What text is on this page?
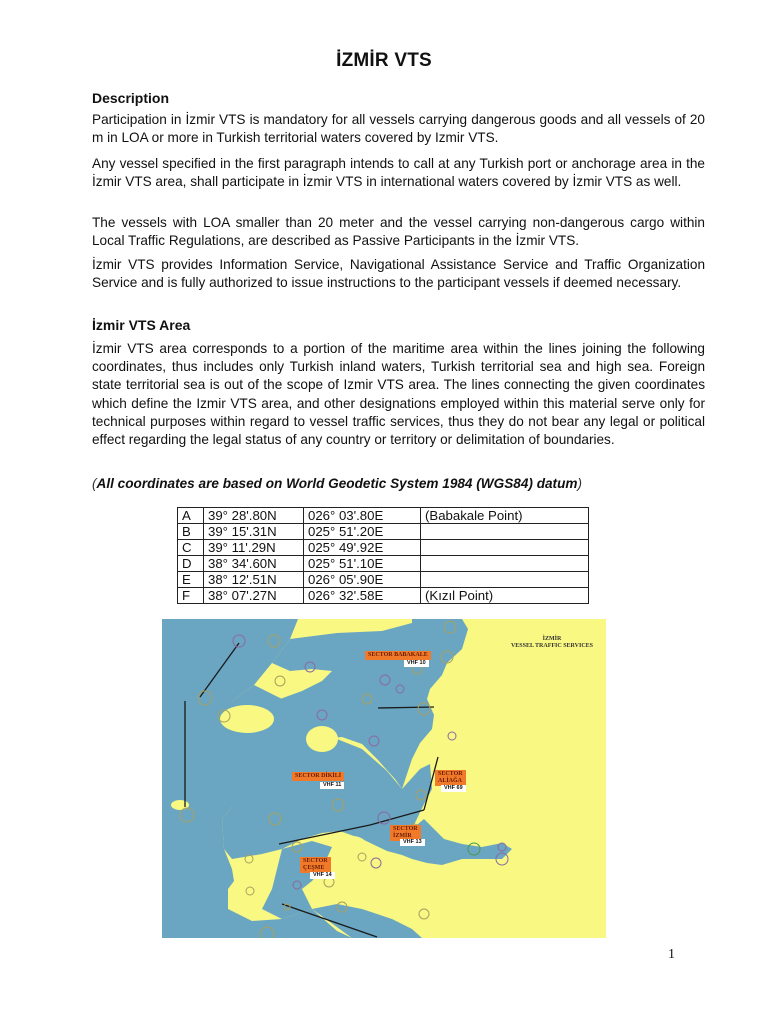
İZMİR VTS
Description
Participation in İzmir VTS is mandatory for all vessels carrying dangerous goods and all vessels of 20 m in LOA or more in Turkish territorial waters covered by Izmir VTS.
Any vessel specified in the first paragraph intends to call at any Turkish port or anchorage area in the İzmir VTS area, shall participate in İzmir VTS in international waters covered by İzmir VTS as well.
The vessels with LOA smaller than 20 meter and the vessel carrying non-dangerous cargo within Local Traffic Regulations, are described as Passive Participants in the İzmir VTS.
İzmir VTS provides Information Service, Navigational Assistance Service and Traffic Organization Service and is fully authorized to issue instructions to the participant vessels if deemed necessary.
İzmir VTS Area
İzmir VTS area corresponds to a portion of the maritime area within the lines joining the following coordinates, thus includes only Turkish inland waters, Turkish territorial sea and high sea. Foreign state territorial sea is out of the scope of Izmir VTS area. The lines connecting the given coordinates which define the Izmir VTS area, and other designations employed within this material serve only for technical purposes within regard to vessel traffic services, thus they do not bear any legal or political effect regarding the legal status of any country or territory or delimitation of boundaries.
(All coordinates are based on World Geodetic System 1984 (WGS84) datum)
A	39° 28'.80N	026° 03'.80E	(Babakale Point)
B	39° 15'.31N	025° 51'.20E	
C	39° 11'.29N	025° 49'.92E	
D	38° 34'.60N	025° 51'.10E	
E	38° 12'.51N	026° 05'.90E	
F	38° 07'.27N	026° 32'.58E	(Kızıl Point)
İZMİR
VESSEL TRAFFIC SERVICES
SECTOR BABAKALE
VHF 10
SECTOR DİKİLİ
VHF 11
SECTOR
ALİAĞA
VHF 69
SECTOR
İZMİR
VHF 13
SECTOR
ÇEŞME
VHF 14
1
